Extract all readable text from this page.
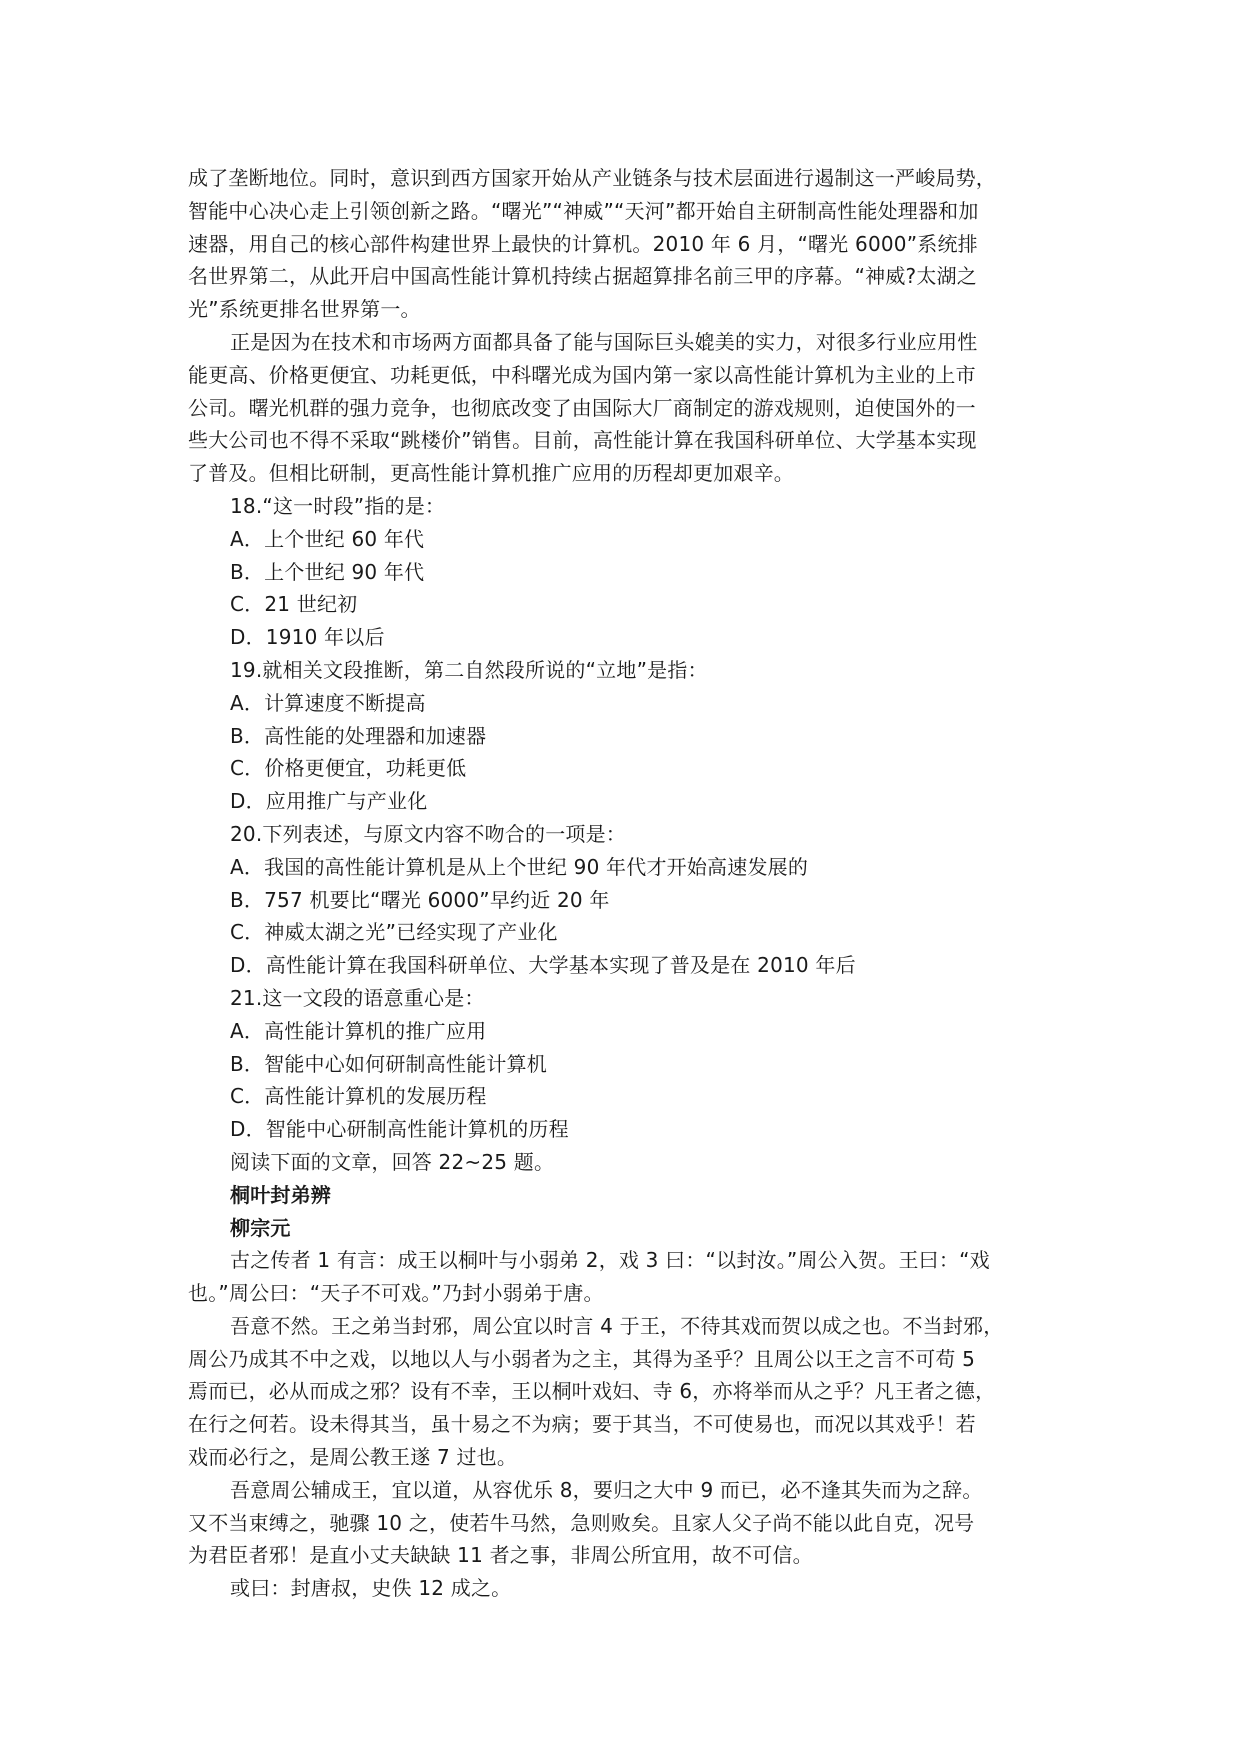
成了垄断地位。同时，意识到西方国家开始从产业链条与技术层面进行遏制这一严峻局势，

智能中心决心走上引领创新之路。“曙光”“神威”“天河”都开始自主研制高性能处理器和加

速器，用自己的核心部件构建世界上最快的计算机。2010 年 6 月，“曙光 6000”系统排

名世界第二，从此开启中国高性能计算机持续占据超算排名前三甲的序幕。“神威?太湖之

光”系统更排名世界第一。

正是因为在技术和市场两方面都具备了能与国际巨头媲美的实力，对很多行业应用性

能更高、价格更便宜、功耗更低，中科曙光成为国内第一家以高性能计算机为主业的上市

公司。曙光机群的强力竞争，也彻底改变了由国际大厂商制定的游戏规则，迫使国外的一

些大公司也不得不采取“跳楼价”销售。目前，高性能计算在我国科研单位、大学基本实现

了普及。但相比研制，更高性能计算机推广应用的历程却更加艰辛。

18.“这一时段”指的是：

A．上个世纪 60 年代

B．上个世纪 90 年代

C．21 世纪初

D．1910 年以后

19.就相关文段推断，第二自然段所说的“立地”是指：

A．计算速度不断提高

B．高性能的处理器和加速器

C．价格更便宜，功耗更低

D．应用推广与产业化

20.下列表述，与原文内容不吻合的一项是：

A．我国的高性能计算机是从上个世纪 90 年代才开始高速发展的

B．757 机要比“曙光 6000”早约近 20 年

C．神威太湖之光”已经实现了产业化

D．高性能计算在我国科研单位、大学基本实现了普及是在 2010 年后

21.这一文段的语意重心是：

A．高性能计算机的推广应用

B．智能中心如何研制高性能计算机

C．高性能计算机的发展历程

D．智能中心研制高性能计算机的历程

阅读下面的文章，回答 22~25 题。

桐叶封弟辨

柳宗元

古之传者 1 有言：成王以桐叶与小弱弟 2，戏 3 曰：“以封汝。”周公入贺。王曰：“戏

也。”周公曰：“天子不可戏。”乃封小弱弟于唐。

吾意不然。王之弟当封邪，周公宜以时言 4 于王，不待其戏而贺以成之也。不当封邪，

周公乃成其不中之戏，以地以人与小弱者为之主，其得为圣乎？且周公以王之言不可苟 5

焉而已，必从而成之邪？设有不幸，王以桐叶戏妇、寺 6，亦将举而从之乎？凡王者之德，

在行之何若。设未得其当，虽十易之不为病；要于其当，不可使易也，而况以其戏乎！若

戏而必行之，是周公教王遂 7 过也。

吾意周公辅成王，宜以道，从容优乐 8，要归之大中 9 而已，必不逢其失而为之辞。

又不当束缚之，驰骤 10 之，使若牛马然，急则败矣。且家人父子尚不能以此自克，况号

为君臣者邪！是直小丈夫缺缺 11 者之事，非周公所宜用，故不可信。

或曰：封唐叔，史佚 12 成之。
